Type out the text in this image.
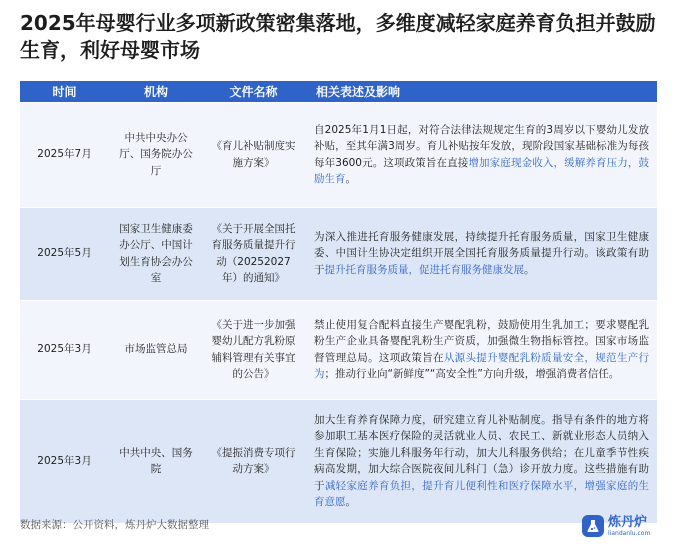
2025年母婴行业多项新政策密集落地，多维度减轻家庭养育负担并鼓励生育，利好母婴市场
时间	机构	文件名称	相关表述及影响
2025年7月	中共中央办公厅、国务院办公厅	《育儿补贴制度实施方案》	自2025年1月1日起，对符合法律法规规定生育的3周岁以下婴幼儿发放补贴，至其年满3周岁。育儿补贴按年发放，现阶段国家基础标准为每孩每年3600元。这项政策旨在直接增加家庭现金收入，缓解养育压力，鼓励生育。
2025年5月	国家卫生健康委办公厅、中国计划生育协会办公室	《关于开展全国托育服务质量提升行动（20252027年）的通知》	为深入推进托育服务健康发展，持续提升托育服务质量，国家卫生健康委、中国计生协决定组织开展全国托育服务质量提升行动。该政策有助于提升托育服务质量，促进托育服务健康发展。
2025年3月	市场监管总局	《关于进一步加强婴幼儿配方乳粉原辅料管理有关事宜的公告》	禁止使用复合配料直接生产婴配乳粉，鼓励使用生乳加工；要求婴配乳粉生产企业具备婴配乳粉生产资质，加强微生物指标管控。国家市场监督管理总局。这项政策旨在从源头提升婴配乳粉质量安全，规范生产行为；推动行业向“新鲜度”“高安全性”方向升级，增强消费者信任。
2025年3月	中共中央、国务院	《提振消费专项行动方案》	加大生育养育保障力度，研究建立育儿补贴制度。指导有条件的地方将参加职工基本医疗保险的灵活就业人员、农民工、新就业形态人员纳入生育保险；实施儿科服务年行动，加大儿科服务供给；在儿童季节性疾病高发期，加大综合医院夜间儿科门（急）诊开放力度。这些措施有助于减轻家庭养育负担，提升育儿便利性和医疗保障水平，增强家庭的生育意愿。
数据来源：公开资料，炼丹炉大数据整理	炼丹炉
liandanlu.com
